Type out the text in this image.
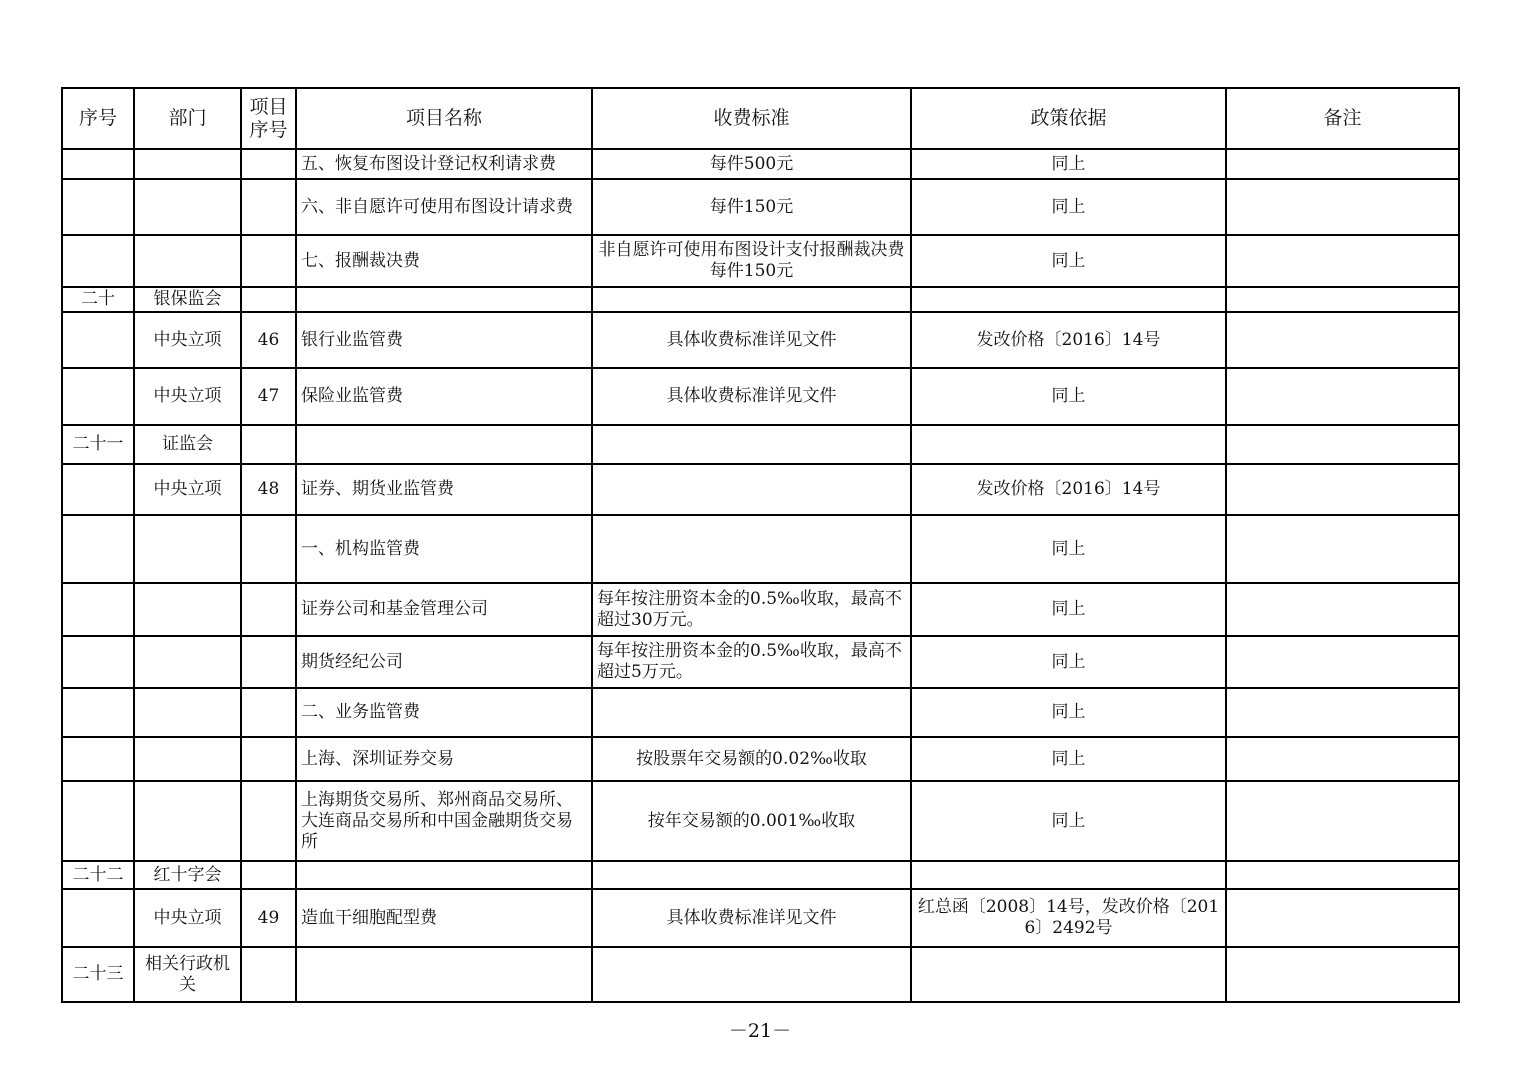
序号	部门	项目序号	项目名称	收费标准	政策依据	备注
			五、恢复布图设计登记权利请求费	每件500元	同上	
			六、非自愿许可使用布图设计请求费	每件150元	同上	
			七、报酬裁决费	非自愿许可使用布图设计支付报酬裁决费每件150元	同上	
二十	银保监会					
	中央立项	46	银行业监管费	具体收费标准详见文件	发改价格〔2016〕14号	
	中央立项	47	保险业监管费	具体收费标准详见文件	同上	
二十一	证监会					
	中央立项	48	证券、期货业监管费		发改价格〔2016〕14号	
			一、机构监管费		同上	
			证券公司和基金管理公司	每年按注册资本金的0.5‰收取，最高不超过30万元。	同上	
			期货经纪公司	每年按注册资本金的0.5‰收取，最高不超过5万元。	同上	
			二、业务监管费		同上	
			上海、深圳证券交易	按股票年交易额的0.02‰收取	同上	
			上海期货交易所、郑州商品交易所、大连商品交易所和中国金融期货交易所	按年交易额的0.001‰收取	同上	
二十二	红十字会					
	中央立项	49	造血干细胞配型费	具体收费标准详见文件	红总函〔2008〕14号，发改价格〔2016〕2492号	
二十三	相关行政机关					
－21－
